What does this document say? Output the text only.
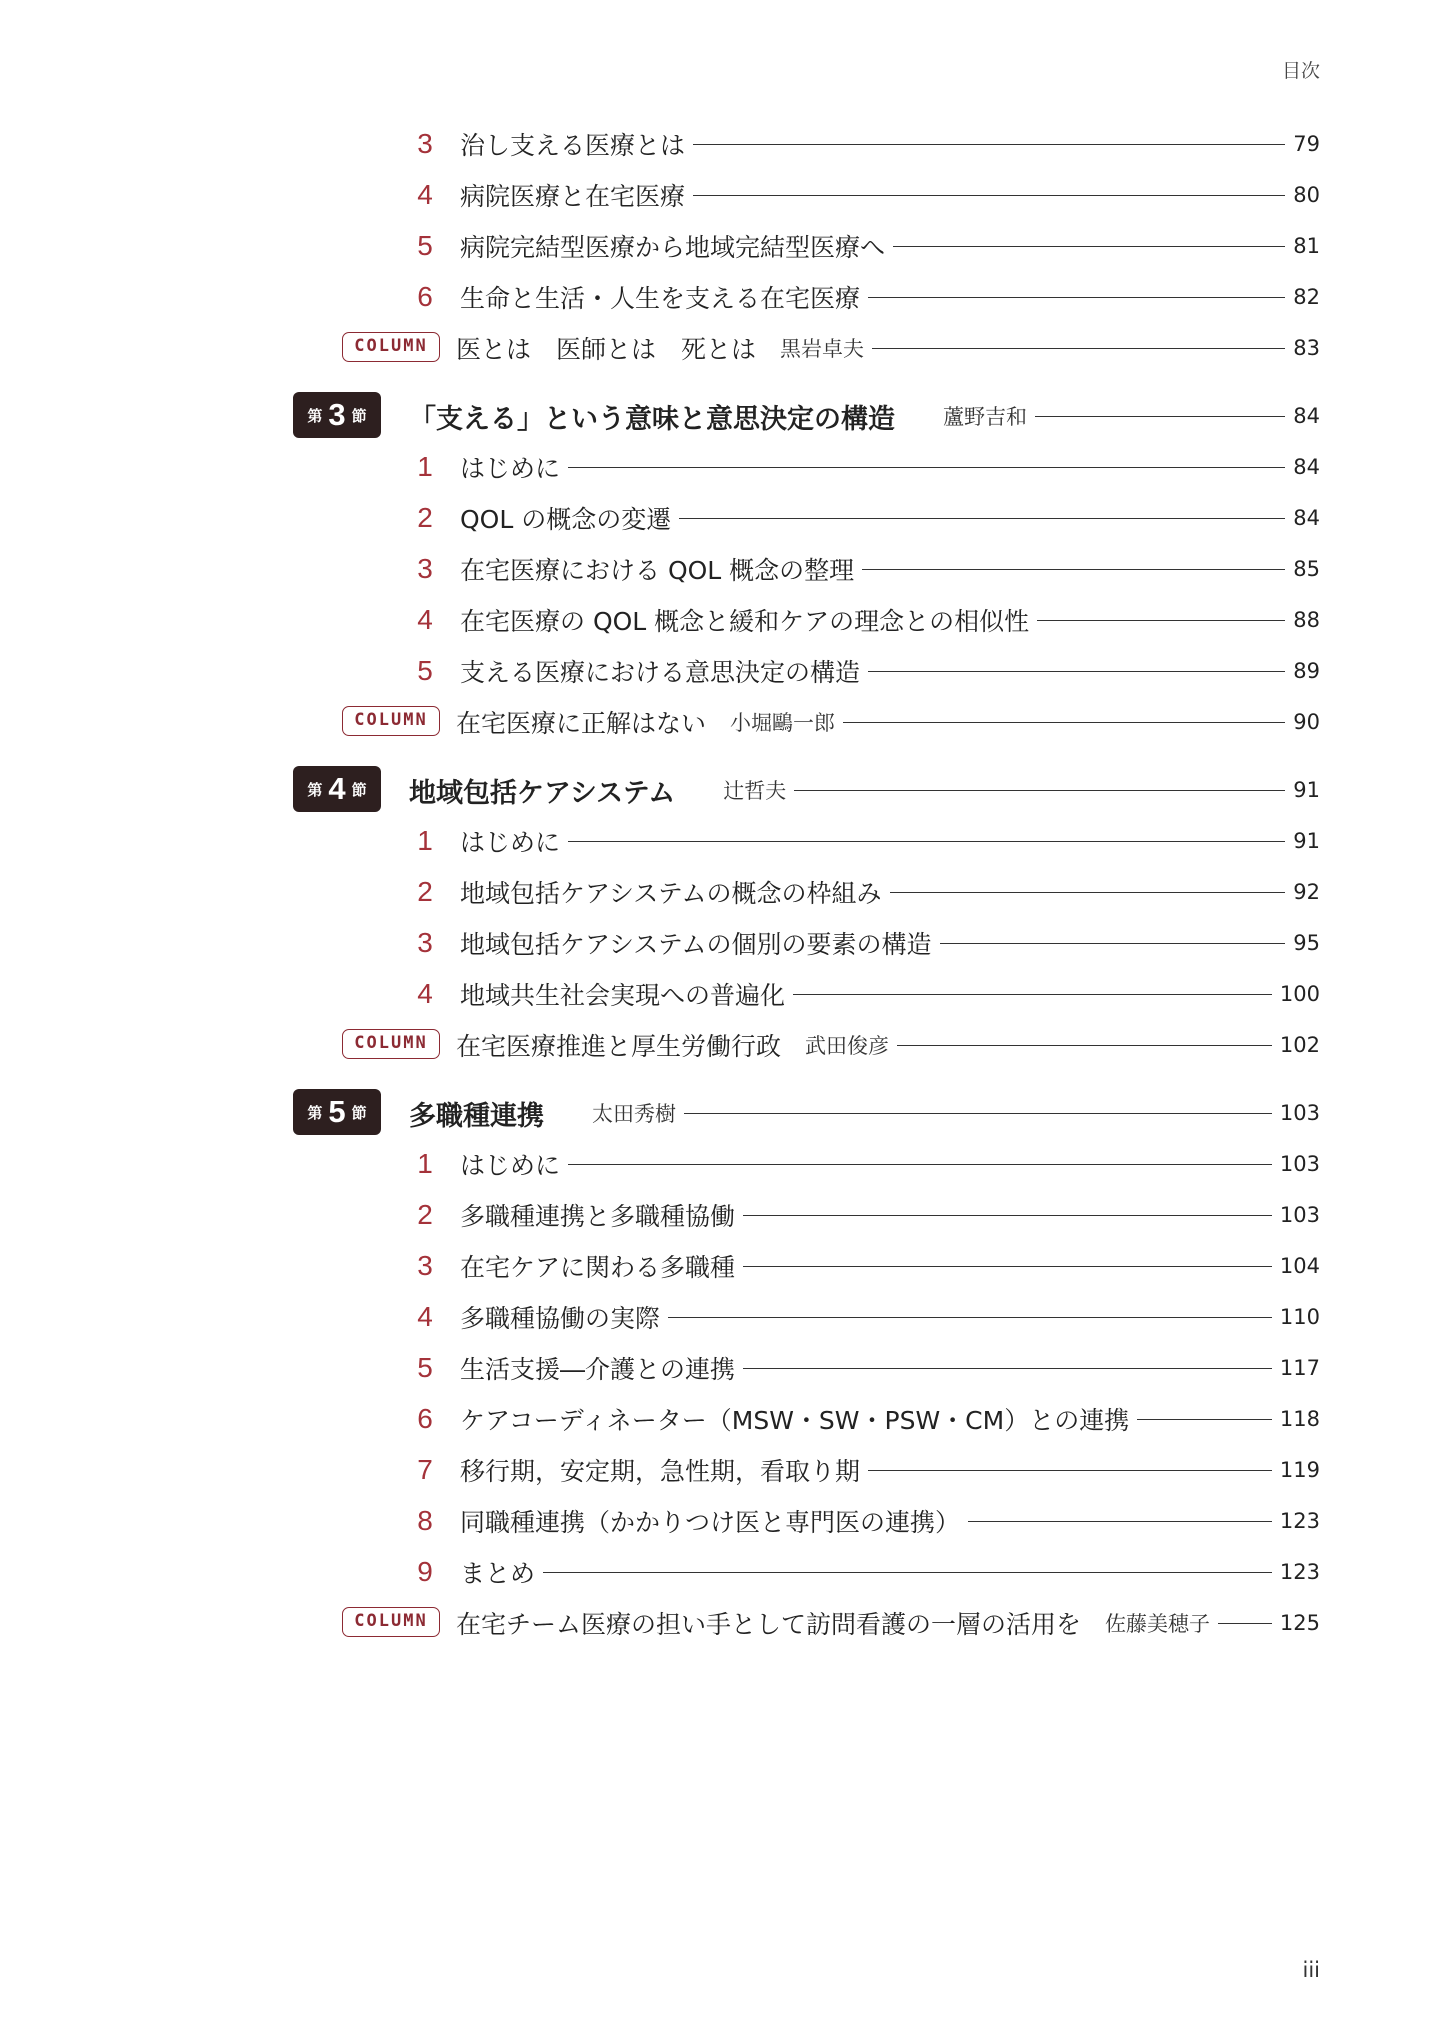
目次
3	治し支える医療とは	79
4	病院医療と在宅医療	80
5	病院完結型医療から地域完結型医療へ	81
6	生命と生活・人生を支える在宅医療	82
COLUMN	医とは　医師とは　死とは 黒岩卓夫	83
第 3 節 「支える」という意味と意思決定の構造 蘆野吉和	84
1	はじめに	84
2	QOL の概念の変遷	84
3	在宅医療における QOL 概念の整理	85
4	在宅医療の QOL 概念と緩和ケアの理念との相似性	88
5	支える医療における意思決定の構造	89
COLUMN	在宅医療に正解はない 小堀鷗一郎	90
第 4 節 地域包括ケアシステム 辻哲夫	91
1	はじめに	91
2	地域包括ケアシステムの概念の枠組み	92
3	地域包括ケアシステムの個別の要素の構造	95
4	地域共生社会実現への普遍化	100
COLUMN	在宅医療推進と厚生労働行政 武田俊彦	102
第 5 節 多職種連携 太田秀樹	103
1	はじめに	103
2	多職種連携と多職種協働	103
3	在宅ケアに関わる多職種	104
4	多職種協働の実際	110
5	生活支援―介護との連携	117
6	ケアコーディネーター（MSW・SW・PSW・CM）との連携	118
7	移行期，安定期，急性期，看取り期	119
8	同職種連携（かかりつけ医と専門医の連携）	123
9	まとめ	123
COLUMN	在宅チーム医療の担い手として訪問看護の一層の活用を 佐藤美穂子	125
iii
